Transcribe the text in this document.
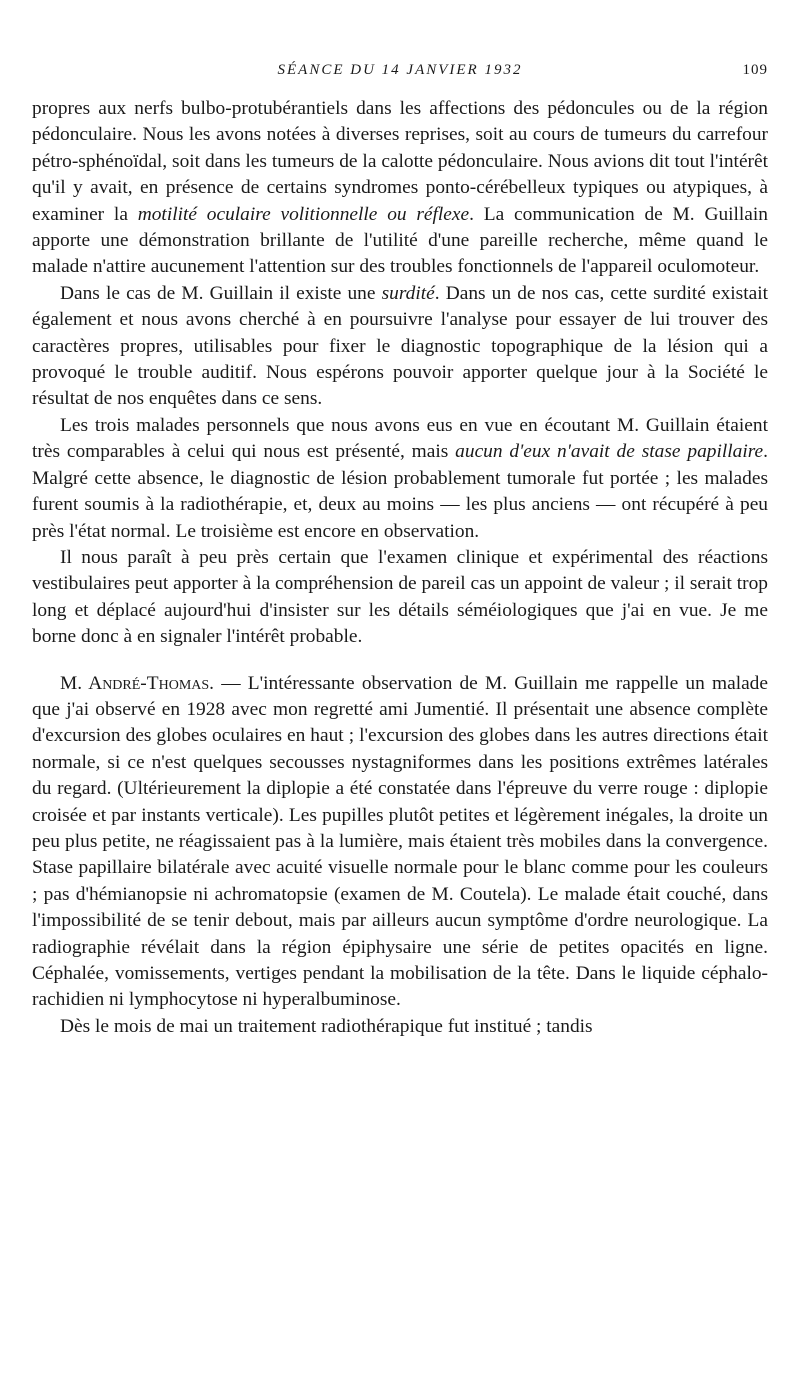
SÉANCE DU 14 JANVIER 1932	109

propres aux nerfs bulbo-protubérantiels dans les affections des pédoncules ou de la région pédonculaire. Nous les avons notées à diverses reprises, soit au cours de tumeurs du carrefour pétro-sphénoïdal, soit dans les tumeurs de la calotte pédonculaire. Nous avions dit tout l'intérêt qu'il y avait, en présence de certains syndromes ponto-cérébelleux typiques ou atypiques, à examiner la motilité oculaire volitionnelle ou réflexe. La communication de M. Guillain apporte une démonstration brillante de l'utilité d'une pareille recherche, même quand le malade n'attire aucunement l'attention sur des troubles fonctionnels de l'appareil oculomoteur.

Dans le cas de M. Guillain il existe une surdité. Dans un de nos cas, cette surdité existait également et nous avons cherché à en poursuivre l'analyse pour essayer de lui trouver des caractères propres, utilisables pour fixer le diagnostic topographique de la lésion qui a provoqué le trouble auditif. Nous espérons pouvoir apporter quelque jour à la Société le résultat de nos enquêtes dans ce sens.

Les trois malades personnels que nous avons eus en vue en écoutant M. Guillain étaient très comparables à celui qui nous est présenté, mais aucun d'eux n'avait de stase papillaire. Malgré cette absence, le diagnostic de lésion probablement tumorale fut portée ; les malades furent soumis à la radiothérapie, et, deux au moins — les plus anciens — ont récupéré à peu près l'état normal. Le troisième est encore en observation.

Il nous paraît à peu près certain que l'examen clinique et expérimental des réactions vestibulaires peut apporter à la compréhension de pareil cas un appoint de valeur ; il serait trop long et déplacé aujourd'hui d'insister sur les détails séméiologiques que j'ai en vue. Je me borne donc à en signaler l'intérêt probable.

M. André-Thomas. — L'intéressante observation de M. Guillain me rappelle un malade que j'ai observé en 1928 avec mon regretté ami Jumentié. Il présentait une absence complète d'excursion des globes oculaires en haut ; l'excursion des globes dans les autres directions était normale, si ce n'est quelques secousses nystagniformes dans les positions extrêmes latérales du regard. (Ultérieurement la diplopie a été constatée dans l'épreuve du verre rouge : diplopie croisée et par instants verticale). Les pupilles plutôt petites et légèrement inégales, la droite un peu plus petite, ne réagissaient pas à la lumière, mais étaient très mobiles dans la convergence. Stase papillaire bilatérale avec acuité visuelle normale pour le blanc comme pour les couleurs ; pas d'hémianopsie ni achromatopsie (examen de M. Coutela). Le malade était couché, dans l'impossibilité de se tenir debout, mais par ailleurs aucun symptôme d'ordre neurologique. La radiographie révélait dans la région épiphysaire une série de petites opacités en ligne. Céphalée, vomissements, vertiges pendant la mobilisation de la tête. Dans le liquide céphalo-rachidien ni lymphocytose ni hyperalbuminose.

Dès le mois de mai un traitement radiothérapique fut institué ; tandis
